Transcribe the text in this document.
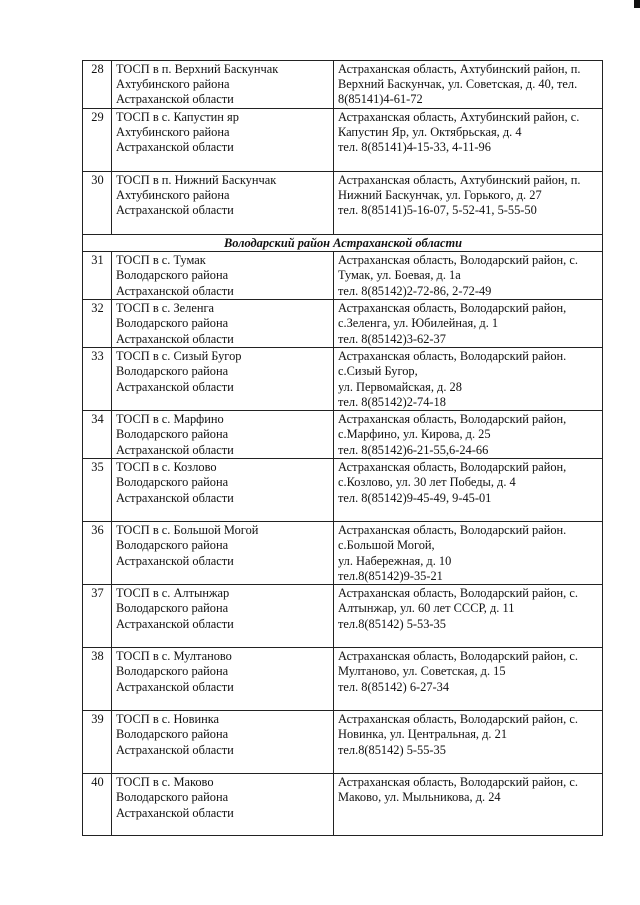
28	ТОСП в п. Верхний Баскунчак
Ахтубинского района
Астраханской области	Астраханская область, Ахтубинский район, п. Верхний Баскунчак, ул. Советская, д. 40, тел. 8(85141)4-61-72
29	ТОСП в с. Капустин яр
Ахтубинского района
Астраханской области	Астраханская область, Ахтубинский район, с. Капустин Яр, ул. Октябрьская, д. 4
тел. 8(85141)4-15-33, 4-11-96
30	ТОСП в п. Нижний Баскунчак
Ахтубинского района
Астраханской области	Астраханская область, Ахтубинский район, п. Нижний Баскунчак, ул. Горького, д. 27
тел. 8(85141)5-16-07, 5-52-41, 5-55-50
Володарский район Астраханской области		
31	ТОСП в с. Тумак
Володарского района
Астраханской области	Астраханская область, Володарский район, с. Тумак, ул. Боевая, д. 1а
тел. 8(85142)2-72-86, 2-72-49
32	ТОСП в с. Зеленга
Володарского района
Астраханской области	Астраханская область, Володарский район, с.Зеленга, ул. Юбилейная, д. 1
тел. 8(85142)3-62-37
33	ТОСП в с. Сизый Бугор
Володарского района
Астраханской области	Астраханская область, Володарский район. с.Сизый Бугор,
ул. Первомайская, д. 28
тел. 8(85142)2-74-18
34	ТОСП в с. Марфино
Володарского района
Астраханской области	Астраханская область, Володарский район, с.Марфино, ул. Кирова, д. 25
тел. 8(85142)6-21-55,6-24-66
35	ТОСП в с. Козлово
Володарского района
Астраханской области	Астраханская область, Володарский район, с.Козлово, ул. 30 лет Победы, д. 4
тел. 8(85142)9-45-49, 9-45-01
36	ТОСП в с. Большой Могой
Володарского района
Астраханской области	Астраханская область, Володарский район. с.Большой Могой,
ул. Набережная, д. 10
тел.8(85142)9-35-21
37	ТОСП в с. Алтынжар
Володарского района
Астраханской области	Астраханская область, Володарский район, с. Алтынжар, ул. 60 лет СССР, д. 11
тел.8(85142) 5-53-35
38	ТОСП в с. Мултаново
Володарского района
Астраханской области	Астраханская область, Володарский район, с. Мултаново, ул. Советская, д. 15
тел. 8(85142) 6-27-34
39	ТОСП в с. Новинка
Володарского района
Астраханской области	Астраханская область, Володарский район, с. Новинка, ул. Центральная, д. 21
тел.8(85142) 5-55-35
40	ТОСП в с. Маково
Володарского района
Астраханской области	Астраханская область, Володарский район, с. Маково, ул. Мыльникова, д. 24
